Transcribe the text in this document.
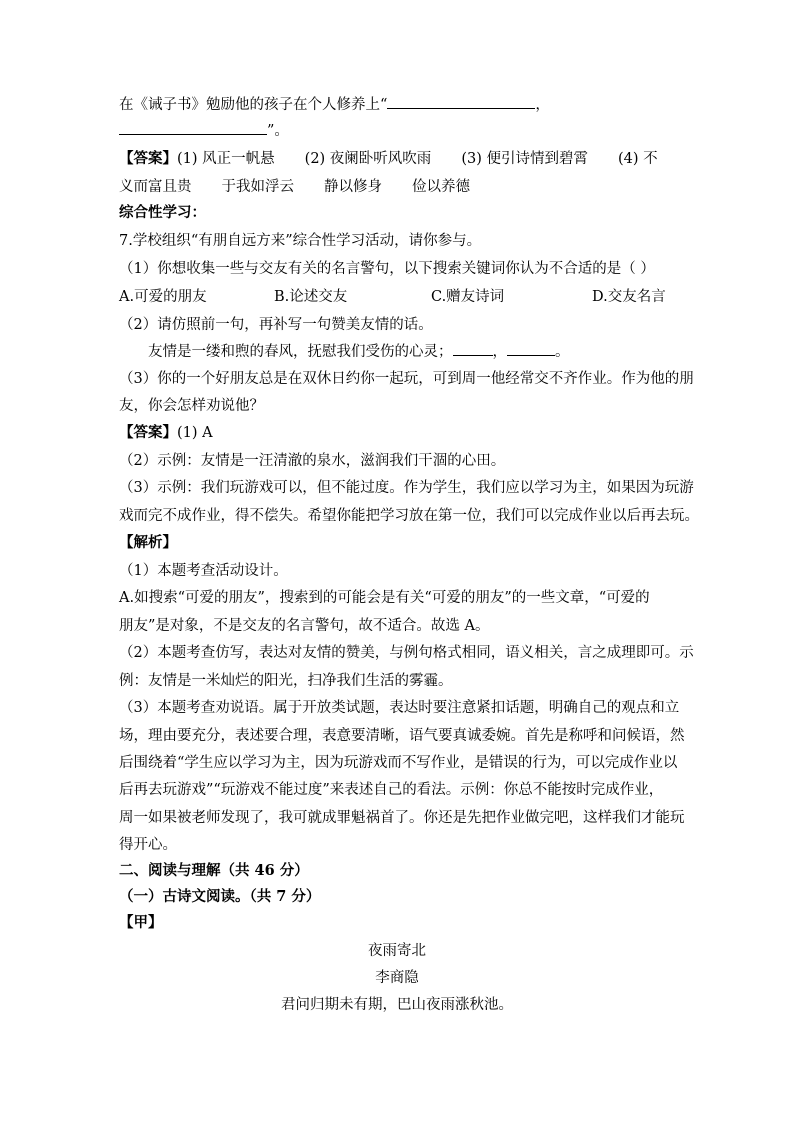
在《诫子书》勉励他的孩子在个人修养上“	，
”。
【答案】(1) 风正一帆悬 (2) 夜阑卧听风吹雨 (3) 便引诗情到碧霄 (4) 不
义而富且贵 于我如浮云 静以修身 俭以养德
综合性学习：
7.学校组织“有朋自远方来”综合性学习活动，请你参与。
（1）你想收集一些与交友有关的名言警句，以下搜索关键词你认为不合适的是（ ）
A.可爱的朋友	B.论述交友	C.赠友诗词	D.交友名言
（2）请仿照前一句，再补写一句赞美友情的话。
友情是一缕和煦的春风，抚慰我们受伤的心灵；	，	。
（3）你的一个好朋友总是在双休日约你一起玩，可到周一他经常交不齐作业。作为他的朋
友，你会怎样劝说他？
【答案】(1) A
（2）示例：友情是一汪清澈的泉水，滋润我们干涸的心田。
（3）示例：我们玩游戏可以，但不能过度。作为学生，我们应以学习为主，如果因为玩游
戏而完不成作业，得不偿失。希望你能把学习放在第一位，我们可以完成作业以后再去玩。
【解析】
（1）本题考查活动设计。
A.如搜索“可爱的朋友”，搜索到的可能会是有关“可爱的朋友”的一些文章，“可爱的
朋友”是对象，不是交友的名言警句，故不适合。故选 A。
（2）本题考查仿写，表达对友情的赞美，与例句格式相同，语义相关，言之成理即可。示
例：友情是一米灿烂的阳光，扫净我们生活的雾霾。
（3）本题考查劝说语。属于开放类试题，表达时要注意紧扣话题，明确自己的观点和立
场，理由要充分，表述要合理，表意要清晰，语气要真诚委婉。首先是称呼和问候语，然
后围绕着“学生应以学习为主，因为玩游戏而不写作业，是错误的行为，可以完成作业以
后再去玩游戏”“玩游戏不能过度”来表述自己的看法。示例：你总不能按时完成作业，
周一如果被老师发现了，我可就成罪魁祸首了。你还是先把作业做完吧，这样我们才能玩
得开心。
二、阅读与理解（共 46 分）
（一）古诗文阅读。（共 7 分）
【甲】
夜雨寄北
李商隐
君问归期未有期，巴山夜雨涨秋池。
